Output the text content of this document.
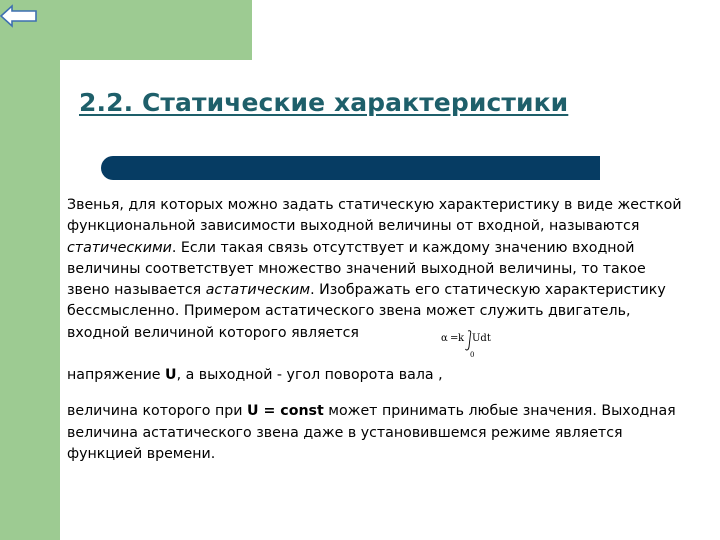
2.2. Статические характеристики

Звенья, для которых можно задать статическую характеристику в виде жесткой функциональной зависимости выходной величины от входной, называются статическими. Если такая связь отсутствует и каждому значению входной величины соответствует множество значений выходной величины, то такое звено называется астатическим. Изображать его статическую характеристику бессмысленно. Примером астатического звена может служить двигатель, входной величиной которого является

напряжение U, а выходной - угол поворота вала ,

величина которого при U = const может принимать любые значения. Выходная величина астатического звена даже в установившемся режиме является функцией времени.

α = k Udt
0
